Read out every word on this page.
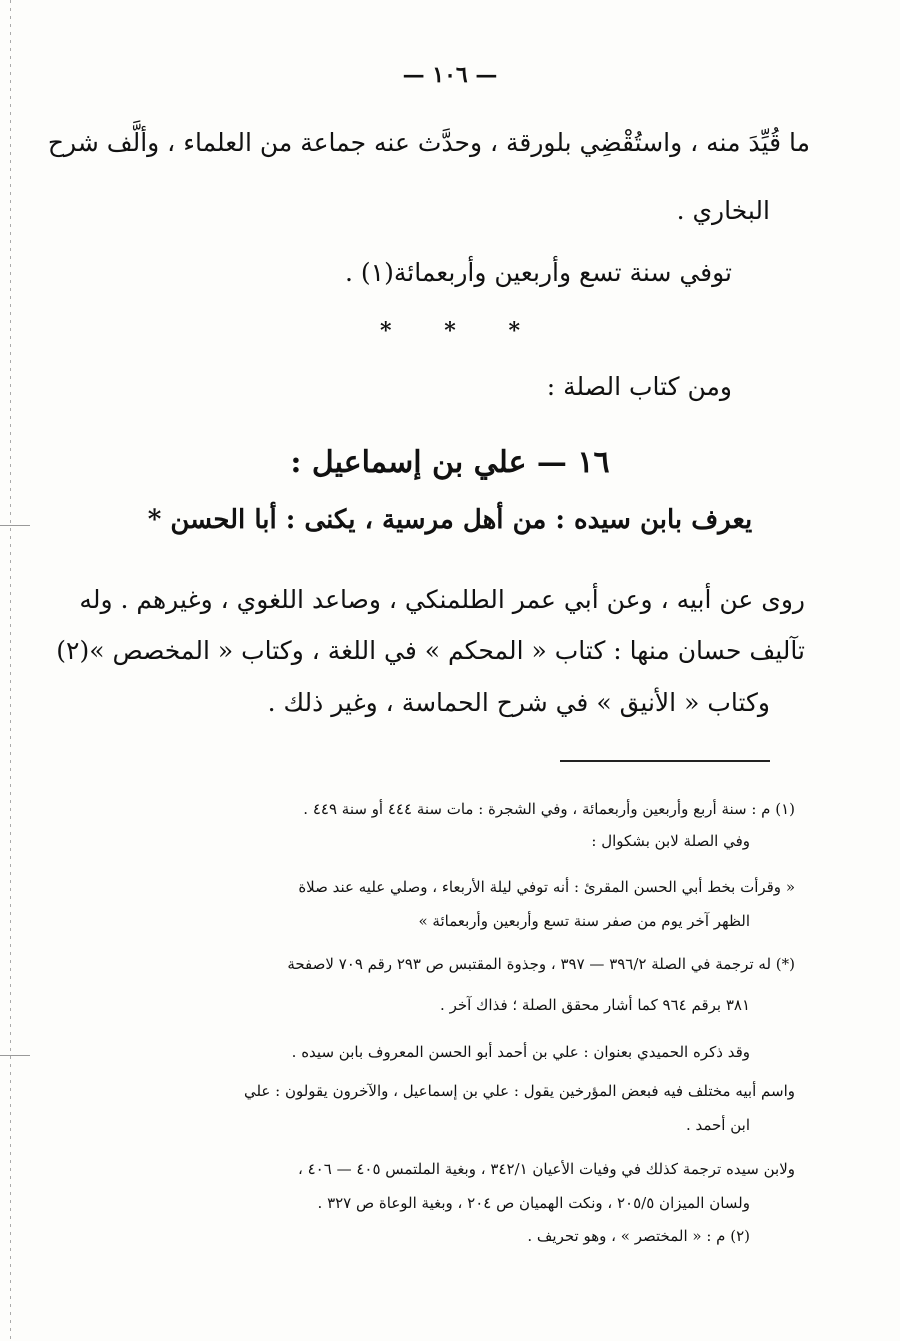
— ١٠٦ —
ما قُيِّدَ منه ، واستُقْضِي بلورقة ، وحدَّث عنه جماعة من العلماء ، وألَّف شرح
البخاري .
توفي سنة تسع وأربعين وأربعمائة(١) .
* * *
ومن كتاب الصلة :
١٦ — علي بن إسماعيل :
يعرف بابن سيده : من أهل مرسية ، يكنى : أبا الحسن *
روى عن أبيه ، وعن أبي عمر الطلمنكي ، وصاعد اللغوي ، وغيرهم . وله
تآليف حسان منها : كتاب « المحكم » في اللغة ، وكتاب « المخصص »(٢)
وكتاب « الأنيق » في شرح الحماسة ، وغير ذلك .
(١) م : سنة أربع وأربعين وأربعمائة ، وفي الشجرة : مات سنة ٤٤٤ أو سنة ٤٤٩ .
وفي الصلة لابن بشكوال :
« وقرأت بخط أبي الحسن المقرئ : أنه توفي ليلة الأربعاء ، وصلي عليه عند صلاة
الظهر آخر يوم من صفر سنة تسع وأربعين وأربعمائة »
(*) له ترجمة في الصلة ٣٩٦/٢ — ٣٩٧ ، وجذوة المقتبس ص ٢٩٣ رقم ٧٠٩ لاصفحة
٣٨١ برقم ٩٦٤ كما أشار محقق الصلة ؛ فذاك آخر .
وقد ذكره الحميدي بعنوان : علي بن أحمد أبو الحسن المعروف بابن سيده .
واسم أبيه مختلف فيه فبعض المؤرخين يقول : علي بن إسماعيل ، والآخرون يقولون : علي
ابن أحمد .
ولابن سيده ترجمة كذلك في وفيات الأعيان ٣٤٢/١ ، وبغية الملتمس ٤٠٥ — ٤٠٦ ،
ولسان الميزان ٢٠٥/٥ ، ونكت الهميان ص ٢٠٤ ، وبغية الوعاة ص ٣٢٧ .
(٢) م : « المختصر » ، وهو تحريف .
